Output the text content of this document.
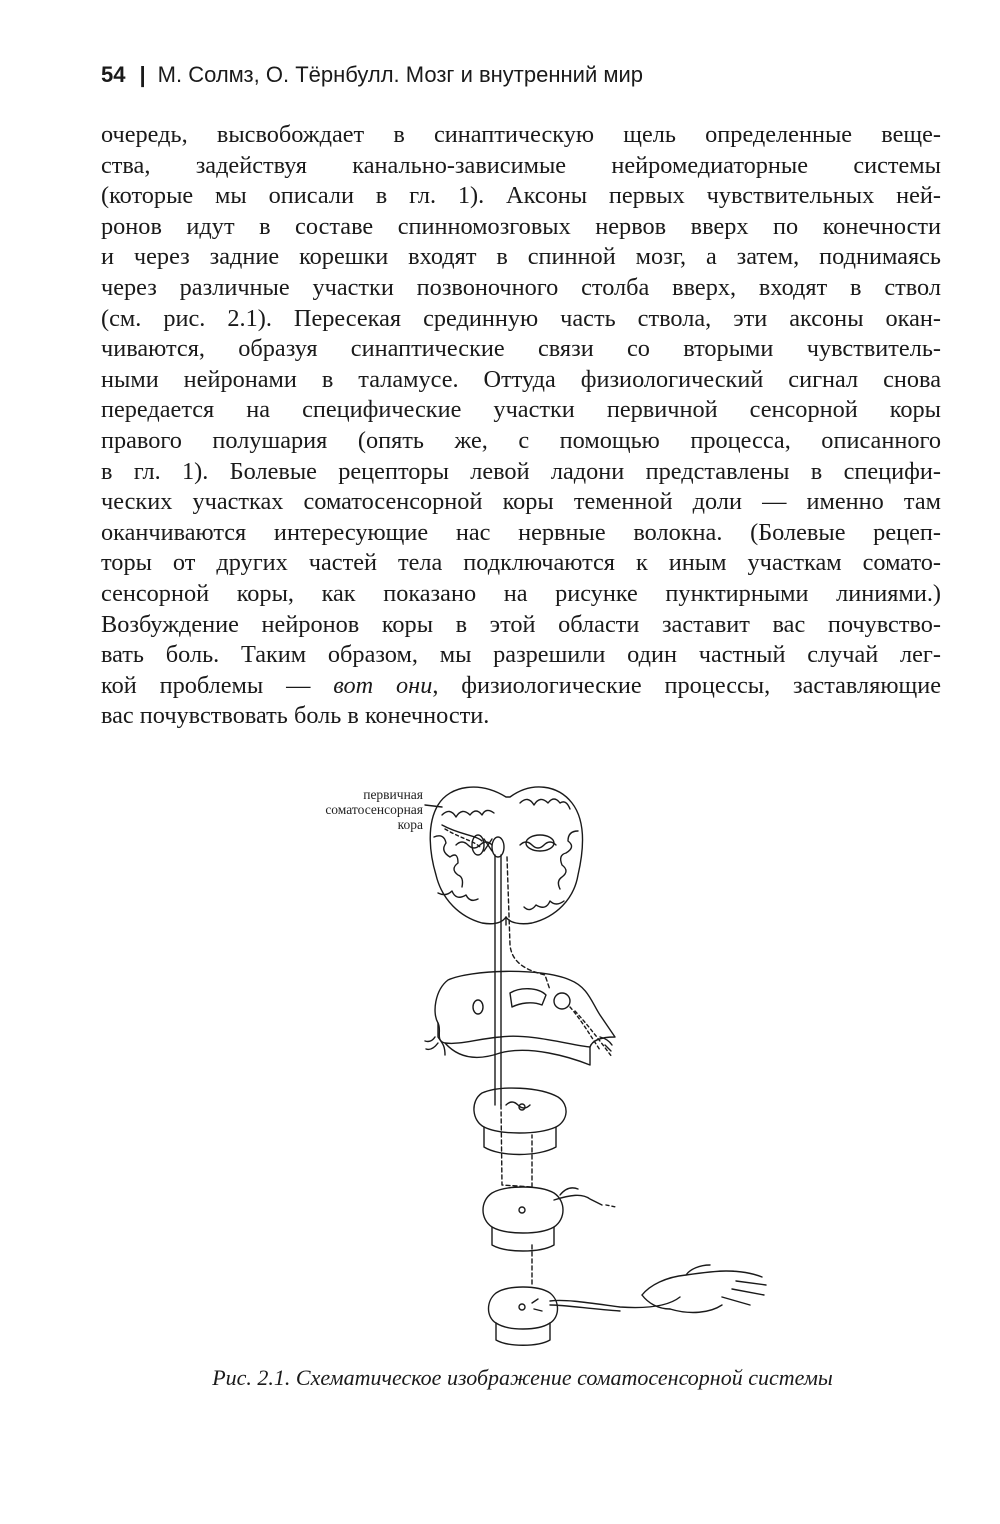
54 | М. Солмз, О. Тёрнбулл. Мозг и внутренний мир
очередь, высвобождает в синаптическую щель определенные веще-
ства, задействуя канально-зависимые нейромедиаторные системы
(которые мы описали в гл. 1). Аксоны первых чувствительных ней-
ронов идут в составе спинномозговых нервов вверх по конечности
и через задние корешки входят в спинной мозг, а затем, поднимаясь
через различные участки позвоночного столба вверх, входят в ствол
(см. рис. 2.1). Пересекая срединную часть ствола, эти аксоны окан-
чиваются, образуя синаптические связи со вторыми чувствитель-
ными нейронами в таламусе. Оттуда физиологический сигнал снова
передается на специфические участки первичной сенсорной коры
правого полушария (опять же, с помощью процесса, описанного
в гл. 1). Болевые рецепторы левой ладони представлены в специфи-
ческих участках соматосенсорной коры теменной доли — именно там
оканчиваются интересующие нас нервные волокна. (Болевые рецеп-
торы от других частей тела подключаются к иным участкам сомато-
сенсорной коры, как показано на рисунке пунктирными линиями.)
Возбуждение нейронов коры в этой области заставит вас почувство-
вать боль. Таким образом, мы разрешили один частный случай лег-
кой проблемы — вот они, физиологические процессы, заставляющие
вас почувствовать боль в конечности.
первичная
соматосенсорная
кора
Рис. 2.1. Схематическое изображение соматосенсорной системы
